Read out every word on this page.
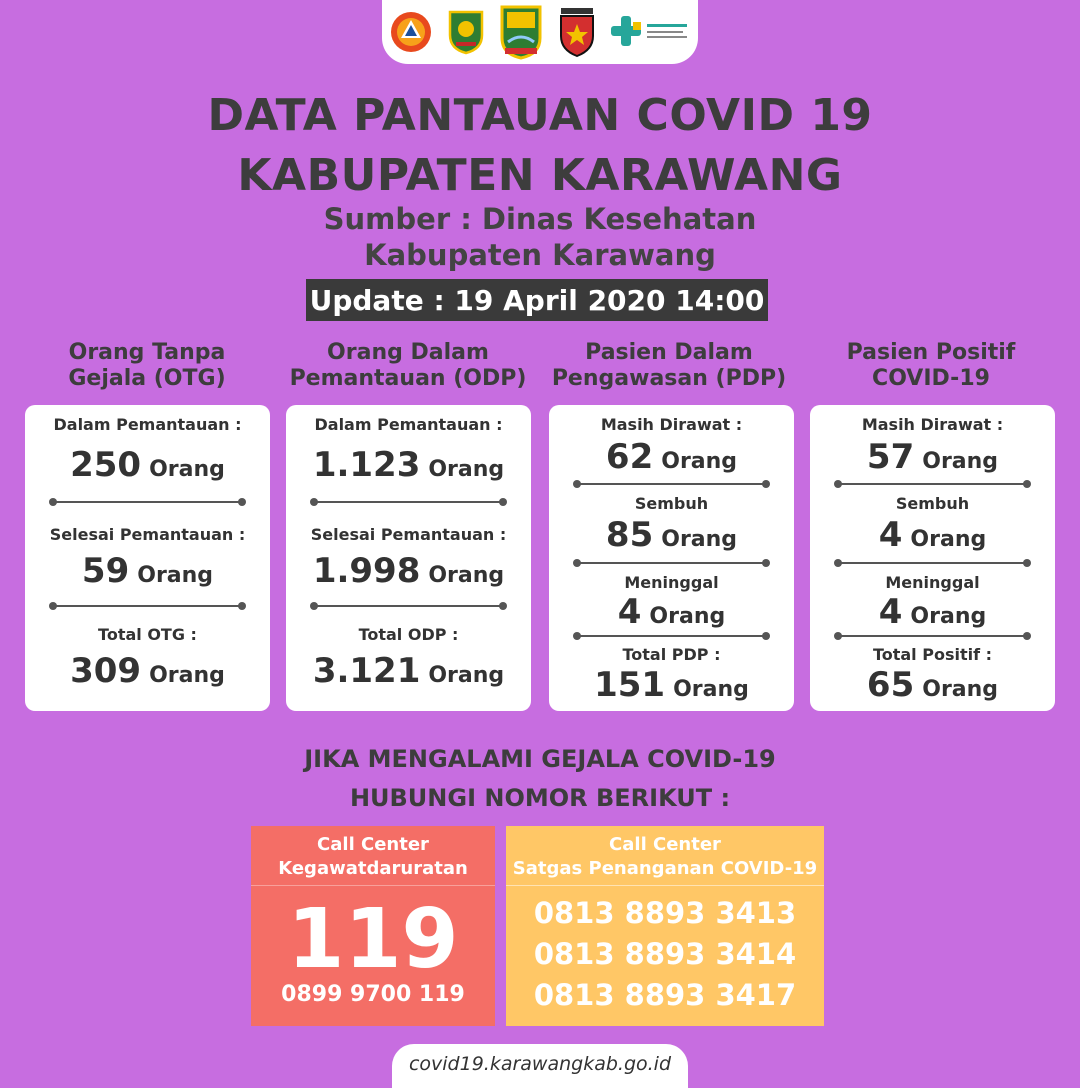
DATA PANTAUAN COVID 19
KABUPATEN KARAWANG
Sumber : Dinas Kesehatan
Kabupaten Karawang
Update : 19 April 2020 14:00
Orang Tanpa
Gejala (OTG)
Orang Dalam
Pemantauan (ODP)
Pasien Dalam
Pengawasan (PDP)
Pasien Positif
COVID-19
Dalam Pemantauan :
250 Orang
Selesai Pemantauan :
59 Orang
Total OTG :
309 Orang
Dalam Pemantauan :
1.123 Orang
Selesai Pemantauan :
1.998 Orang
Total ODP :
3.121 Orang
Masih Dirawat :
62 Orang
Sembuh
85 Orang
Meninggal
4 Orang
Total PDP :
151 Orang
Masih Dirawat :
57 Orang
Sembuh
4 Orang
Meninggal
4 Orang
Total Positif :
65 Orang
JIKA MENGALAMI GEJALA COVID-19
HUBUNGI NOMOR BERIKUT :
Call Center
Kegawatdaruratan
119
0899 9700 119
Call Center
Satgas Penanganan COVID-19
0813 8893 3413
0813 8893 3414
0813 8893 3417
covid19.karawangkab.go.id
